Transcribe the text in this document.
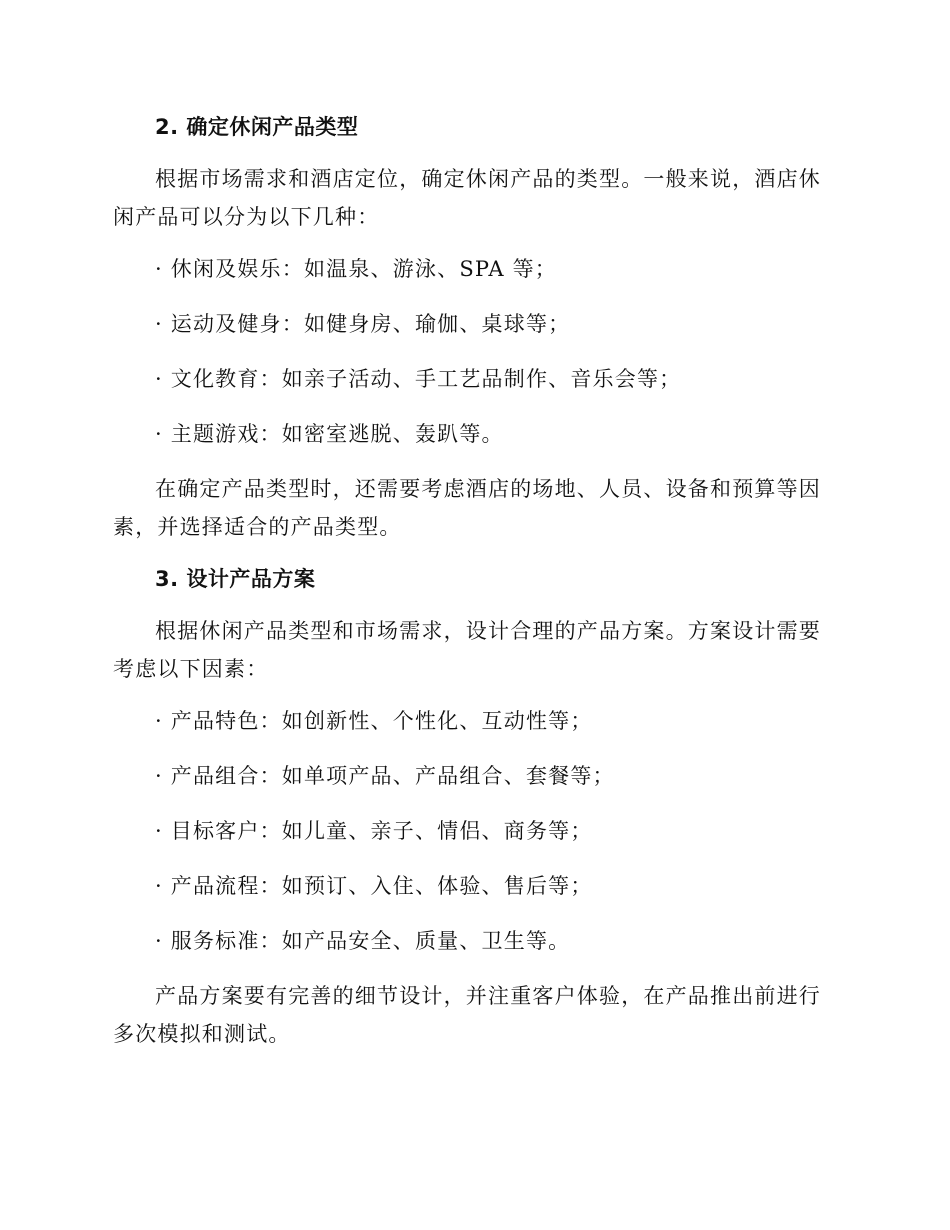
2. 确定休闲产品类型
根据市场需求和酒店定位，确定休闲产品的类型。一般来说，酒店休闲产品可以分为以下几种：
· 休闲及娱乐：如温泉、游泳、SPA 等；
· 运动及健身：如健身房、瑜伽、桌球等；
· 文化教育：如亲子活动、手工艺品制作、音乐会等；
· 主题游戏：如密室逃脱、轰趴等。
在确定产品类型时，还需要考虑酒店的场地、人员、设备和预算等因素，并选择适合的产品类型。
3. 设计产品方案
根据休闲产品类型和市场需求，设计合理的产品方案。方案设计需要考虑以下因素：
· 产品特色：如创新性、个性化、互动性等；
· 产品组合：如单项产品、产品组合、套餐等；
· 目标客户：如儿童、亲子、情侣、商务等；
· 产品流程：如预订、入住、体验、售后等；
· 服务标准：如产品安全、质量、卫生等。
产品方案要有完善的细节设计，并注重客户体验，在产品推出前进行多次模拟和测试。
